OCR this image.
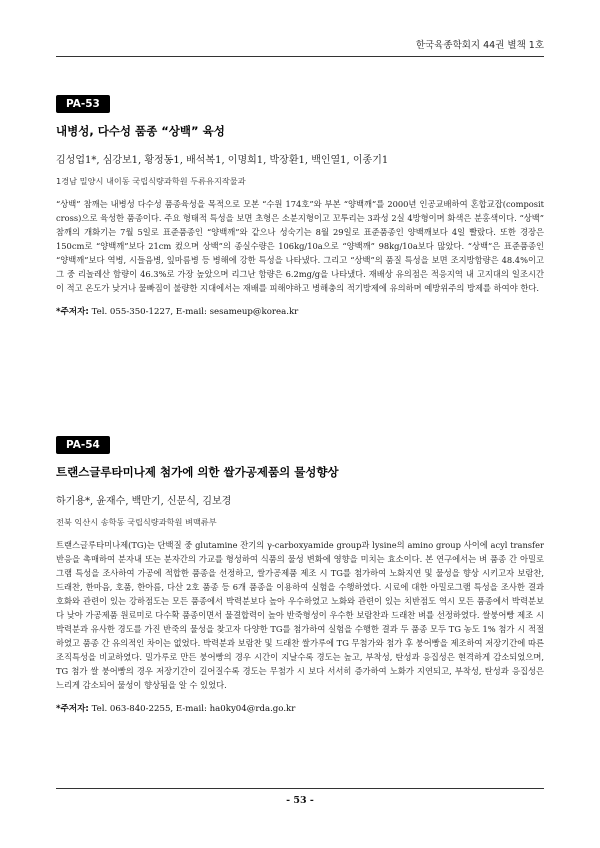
한국육종학회지 44권 별책 1호
PA-53
내병성, 다수성 품종 “상백” 육성
김성업1*, 심강보1, 황정동1, 배석복1, 이명희1, 박장환1, 백인열1, 이종기1
1경남 밀양시 내이동 국립식량과학원 두류유지작물과
“상백” 참깨는 내병성 다수성 품종육성을 목적으로 모본 “수원 174호”와 부본 “양백깨”를 2000년 인공교배하여 혼합교잡(composit cross)으로 육성한 품종이다. 주요 형태적 특성을 보면 초형은 소분지형이고 꼬투리는 3과성 2실 4방형이며 화색은 분홍색이다. “상백” 참깨의 개화기는 7월 5일로 표준품종인 “양백깨”와 같으나 성숙기는 8월 29일로 표준품종인 양백깨보다 4일 빨랐다. 또한 경장은 150cm로 “양백깨”보다 21cm 컸으며 상백”의 종실수량은 106kg/10a으로 “양백깨” 98kg/10a보다 많았다. “상백”은 표준품종인 “양백깨”보다 역병, 시들음병, 잎마름병 등 병해에 강한 특성을 나타냈다. 그리고 “상백”의 품질 특성을 보면 조지방함량은 48.4%이고 그 중 리놀레산 함량이 46.3%로 가장 높았으며 리그난 함량은 6.2mg/g을 나타냈다. 재배상 유의점은 적응지역 내 고지대의 일조시간이 적고 온도가 낮거나 물빠짐이 불량한 지대에서는 재배를 피해야하고 병해충의 적기방제에 유의하며 예방위주의 방제를 하여야 한다.
*주저자: Tel. 055-350-1227, E-mail: sesameup@korea.kr
PA-54
트랜스글루타미나제 첨가에 의한 쌀가공제품의 물성향상
하기용*, 윤재수, 백만기, 신문식, 김보경
전북 익산시 송학동 국립식량과학원 벼맥류부
트랜스글루타미나제(TG)는 단백질 중 glutamine 잔기의 γ-carboxyamide group과 lysine의 amino group 사이에 acyl transfer 반응을 촉매하여 분자내 또는 분자간의 가교를 형성하여 식품의 물성 변화에 영향을 미치는 효소이다. 본 연구에서는 벼 품종 간 아밀로그램 특성을 조사하여 가공에 적합한 품종을 선정하고, 쌀가공제품 제조 시 TG를 첨가하여 노화지연 및 물성을 향상 시키고자 보람찬, 드래찬, 한마음, 호품, 한아름, 다산 2호 품종 등 6개 품종을 이용하여 실험을 수행하였다. 시료에 대한 아밀로그램 특성을 조사한 결과 호화와 관련이 있는 강하점도는 모든 품종에서 박력분보다 높아 우수하였고 노화와 관련이 있는 치반점도 역시 모든 품종에서 박력분보다 낮아 가공제품 원료미로 다수확 품종이면서 물결합력이 높아 반죽형성이 우수한 보람찬과 드래찬 벼를 선정하였다. 쌀붕어빵 제조 시 박력분과 유사한 경도를 가진 반죽의 물성을 찾고자 다양한 TG를 첨가하여 실험을 수행한 결과 두 품종 모두 TG 농도 1% 첨가 시 적절하였고 품종 간 유의적인 차이는 없었다. 박력분과 보람찬 및 드래찬 쌀가루에 TG 무첨가와 첨가 후 붕어빵을 제조하여 저장기간에 따른 조직특성을 비교하였다. 밀가루로 만든 붕어빵의 경우 시간이 지날수록 경도는 높고, 부착성, 탄성과 응집성은 현격하게 감소되었으며, TG 첨가 쌀 붕어빵의 경우 저장기간이 길어질수록 경도는 무첨가 시 보다 서서히 증가하여 노화가 지연되고, 부착성, 탄성과 응집성은 느리게 감소되어 물성이 향상됨을 알 수 있었다.
*주저자: Tel. 063-840-2255, E-mail: ha0ky04@rda.go.kr
- 53 -
